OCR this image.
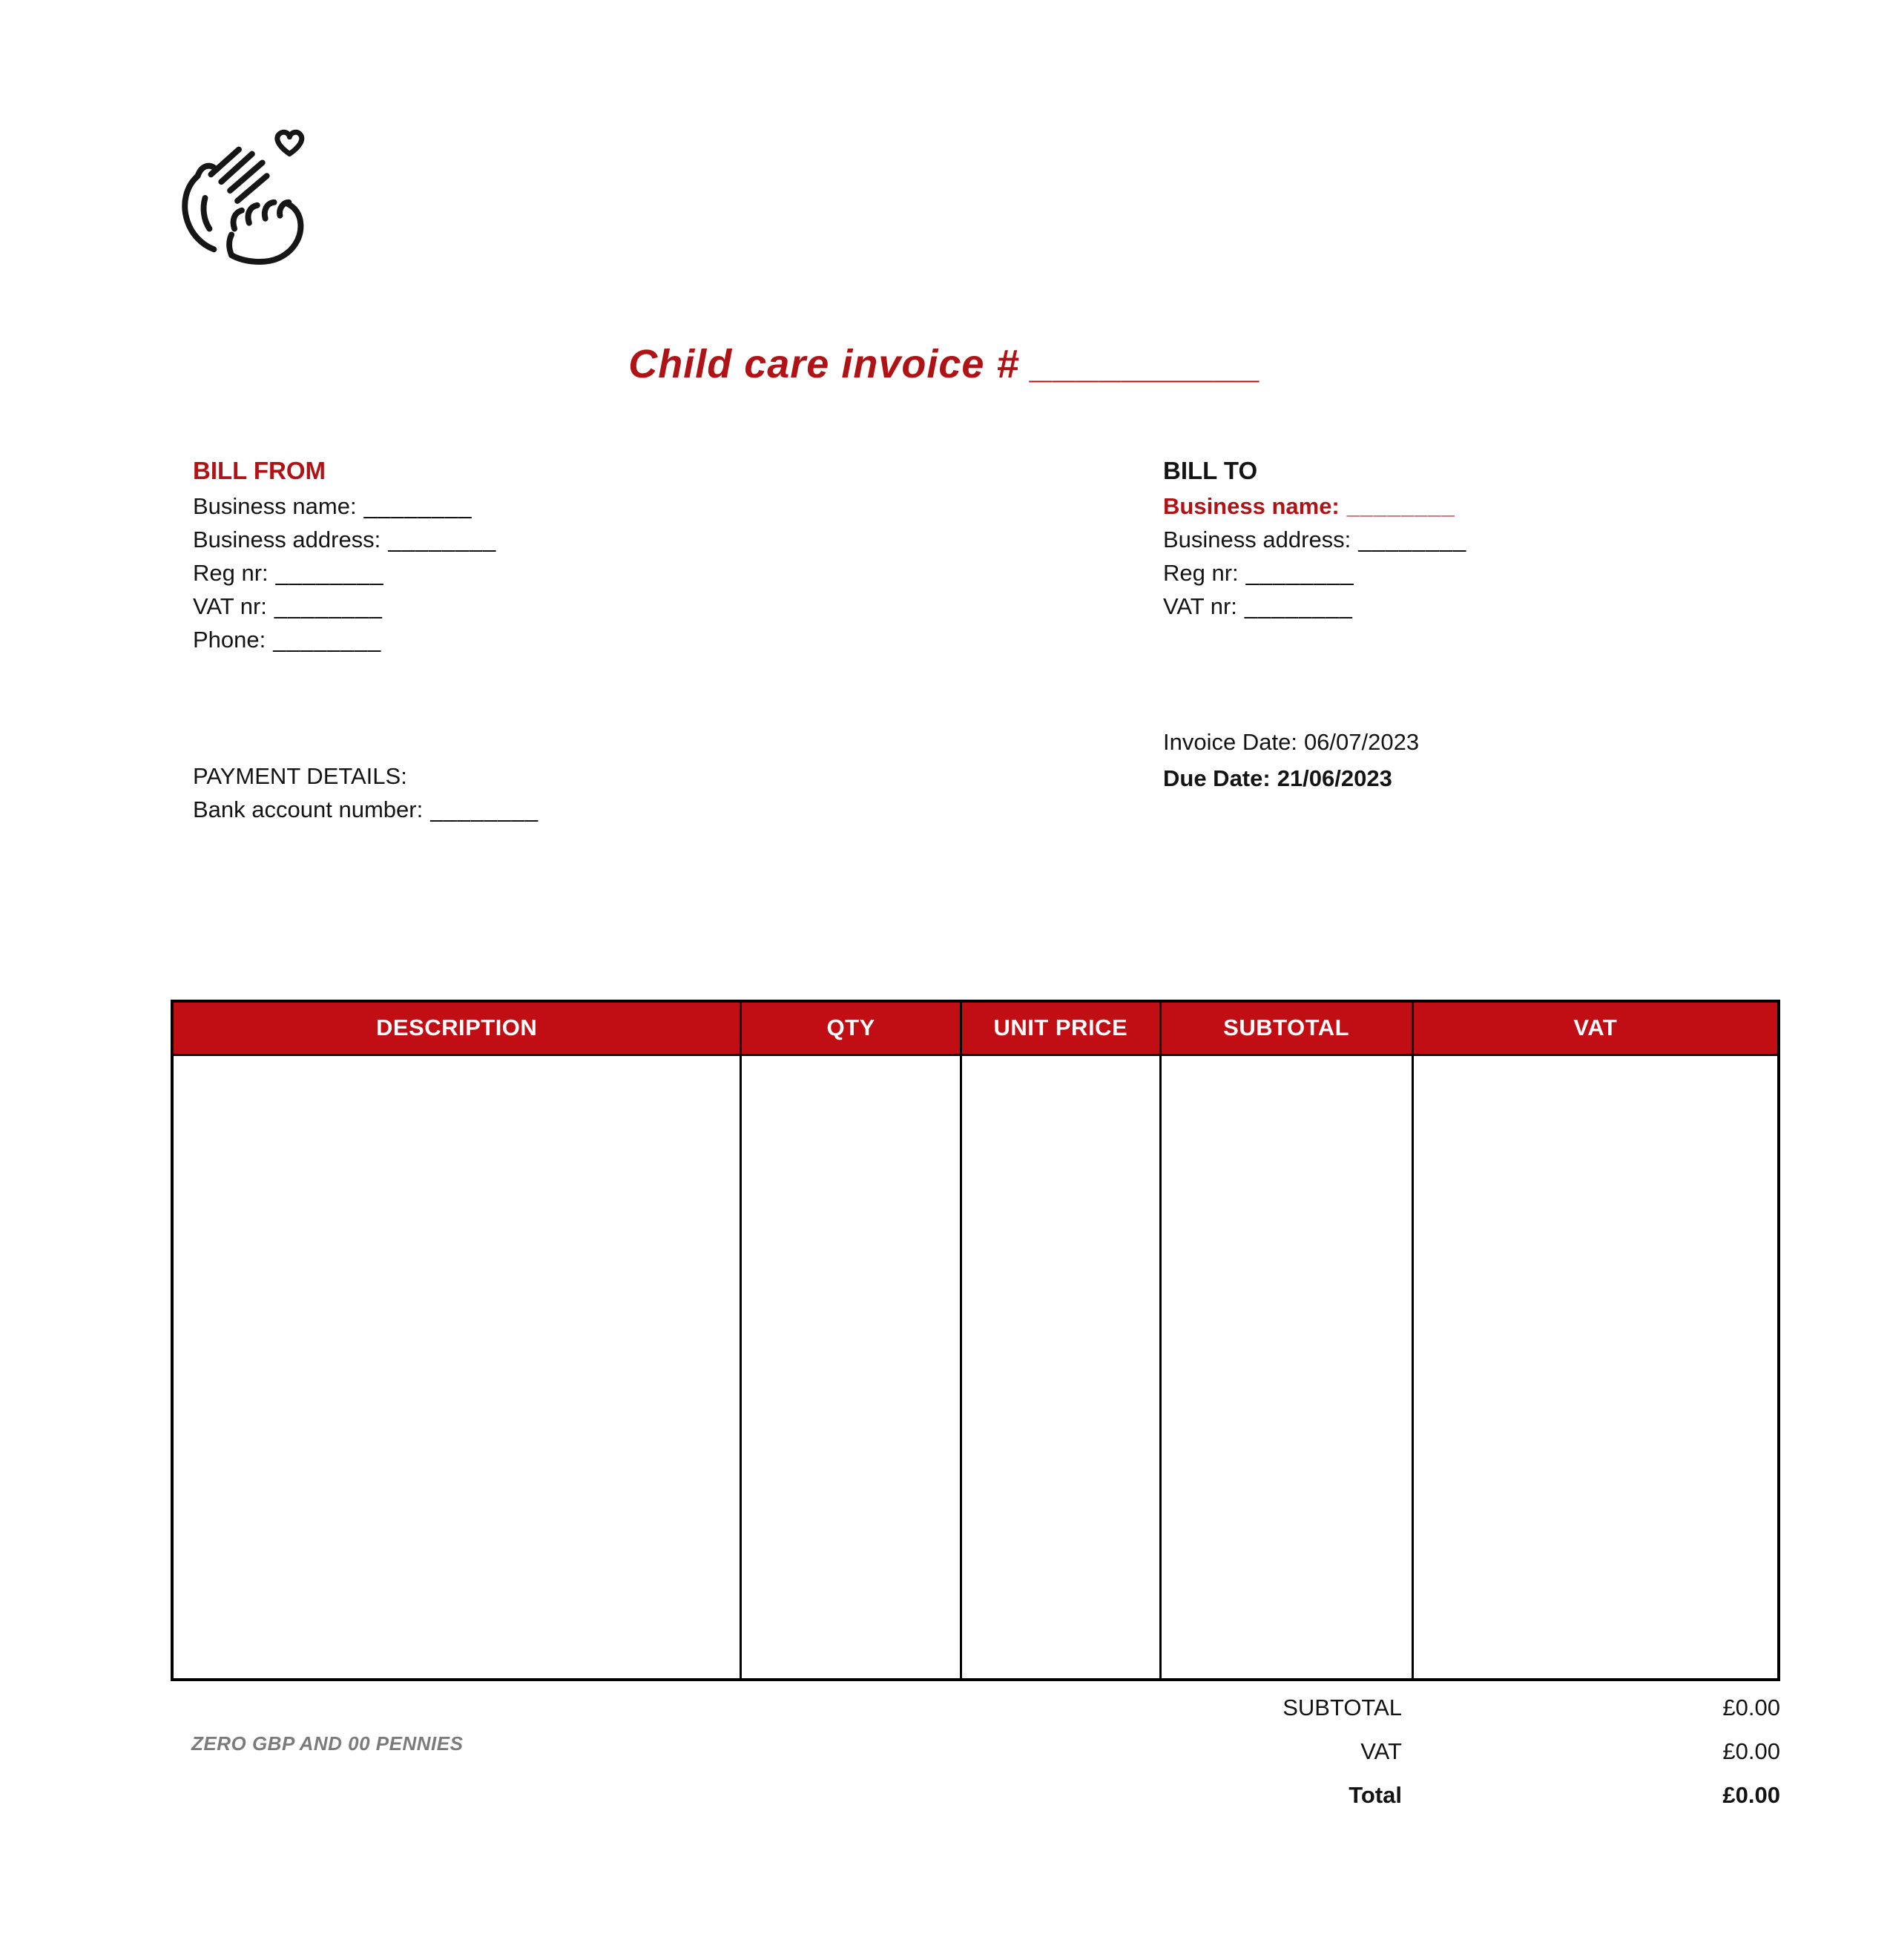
Child care invoice # __________
BILL FROM
Business name: ________
Business address: ________
Reg nr: ________
VAT nr: ________
Phone: ________
BILL TO
Business name: ________
Business address: ________
Reg nr: ________
VAT nr: ________
Invoice Date: 06/07/2023
Due Date: 21/06/2023
PAYMENT DETAILS:
Bank account number: ________
DESCRIPTION	QTY	UNIT PRICE	SUBTOTAL	VAT

SUBTOTAL	£0.00
VAT	£0.00
Total	£0.00
ZERO GBP AND 00 PENNIES
